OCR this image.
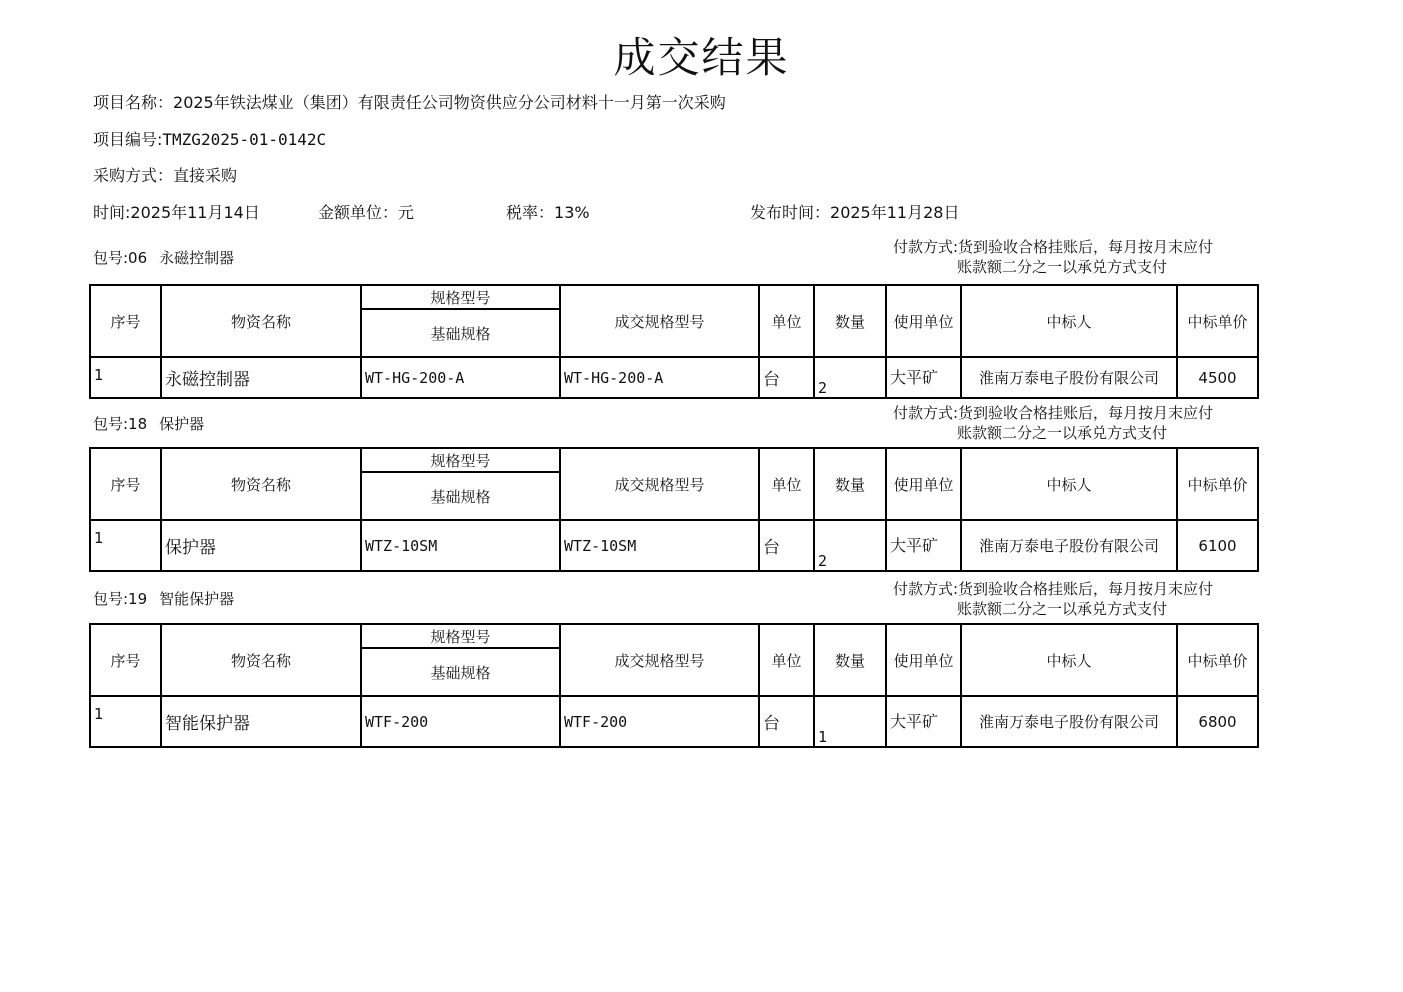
成交结果
项目名称：2025年铁法煤业（集团）有限责任公司物资供应分公司材料十一月第一次采购
项目编号:TMZG2025-01-0142C
采购方式：直接采购
时间:2025年11月14日	金额单位：元	税率：13%	发布时间：2025年11月28日
包号:06 永磁控制器
付款方式:货到验收合格挂账后，每月按月末应付
账款额二分之一以承兑方式支付
序号	物资名称	规格型号	成交规格型号	单位	数量	使用单位	中标人	中标单价
		基础规格						
1	永磁控制器	WT-HG-200-A	WT-HG-200-A	台	2	大平矿	淮南万泰电子股份有限公司	4500
包号:18 保护器
付款方式:货到验收合格挂账后，每月按月末应付
账款额二分之一以承兑方式支付
序号	物资名称	规格型号	成交规格型号	单位	数量	使用单位	中标人	中标单价
		基础规格						
1	保护器	WTZ-10SM	WTZ-10SM	台	2	大平矿	淮南万泰电子股份有限公司	6100
包号:19 智能保护器
付款方式:货到验收合格挂账后，每月按月末应付
账款额二分之一以承兑方式支付
序号	物资名称	规格型号	成交规格型号	单位	数量	使用单位	中标人	中标单价
		基础规格						
1	智能保护器	WTF-200	WTF-200	台	1	大平矿	淮南万泰电子股份有限公司	6800
